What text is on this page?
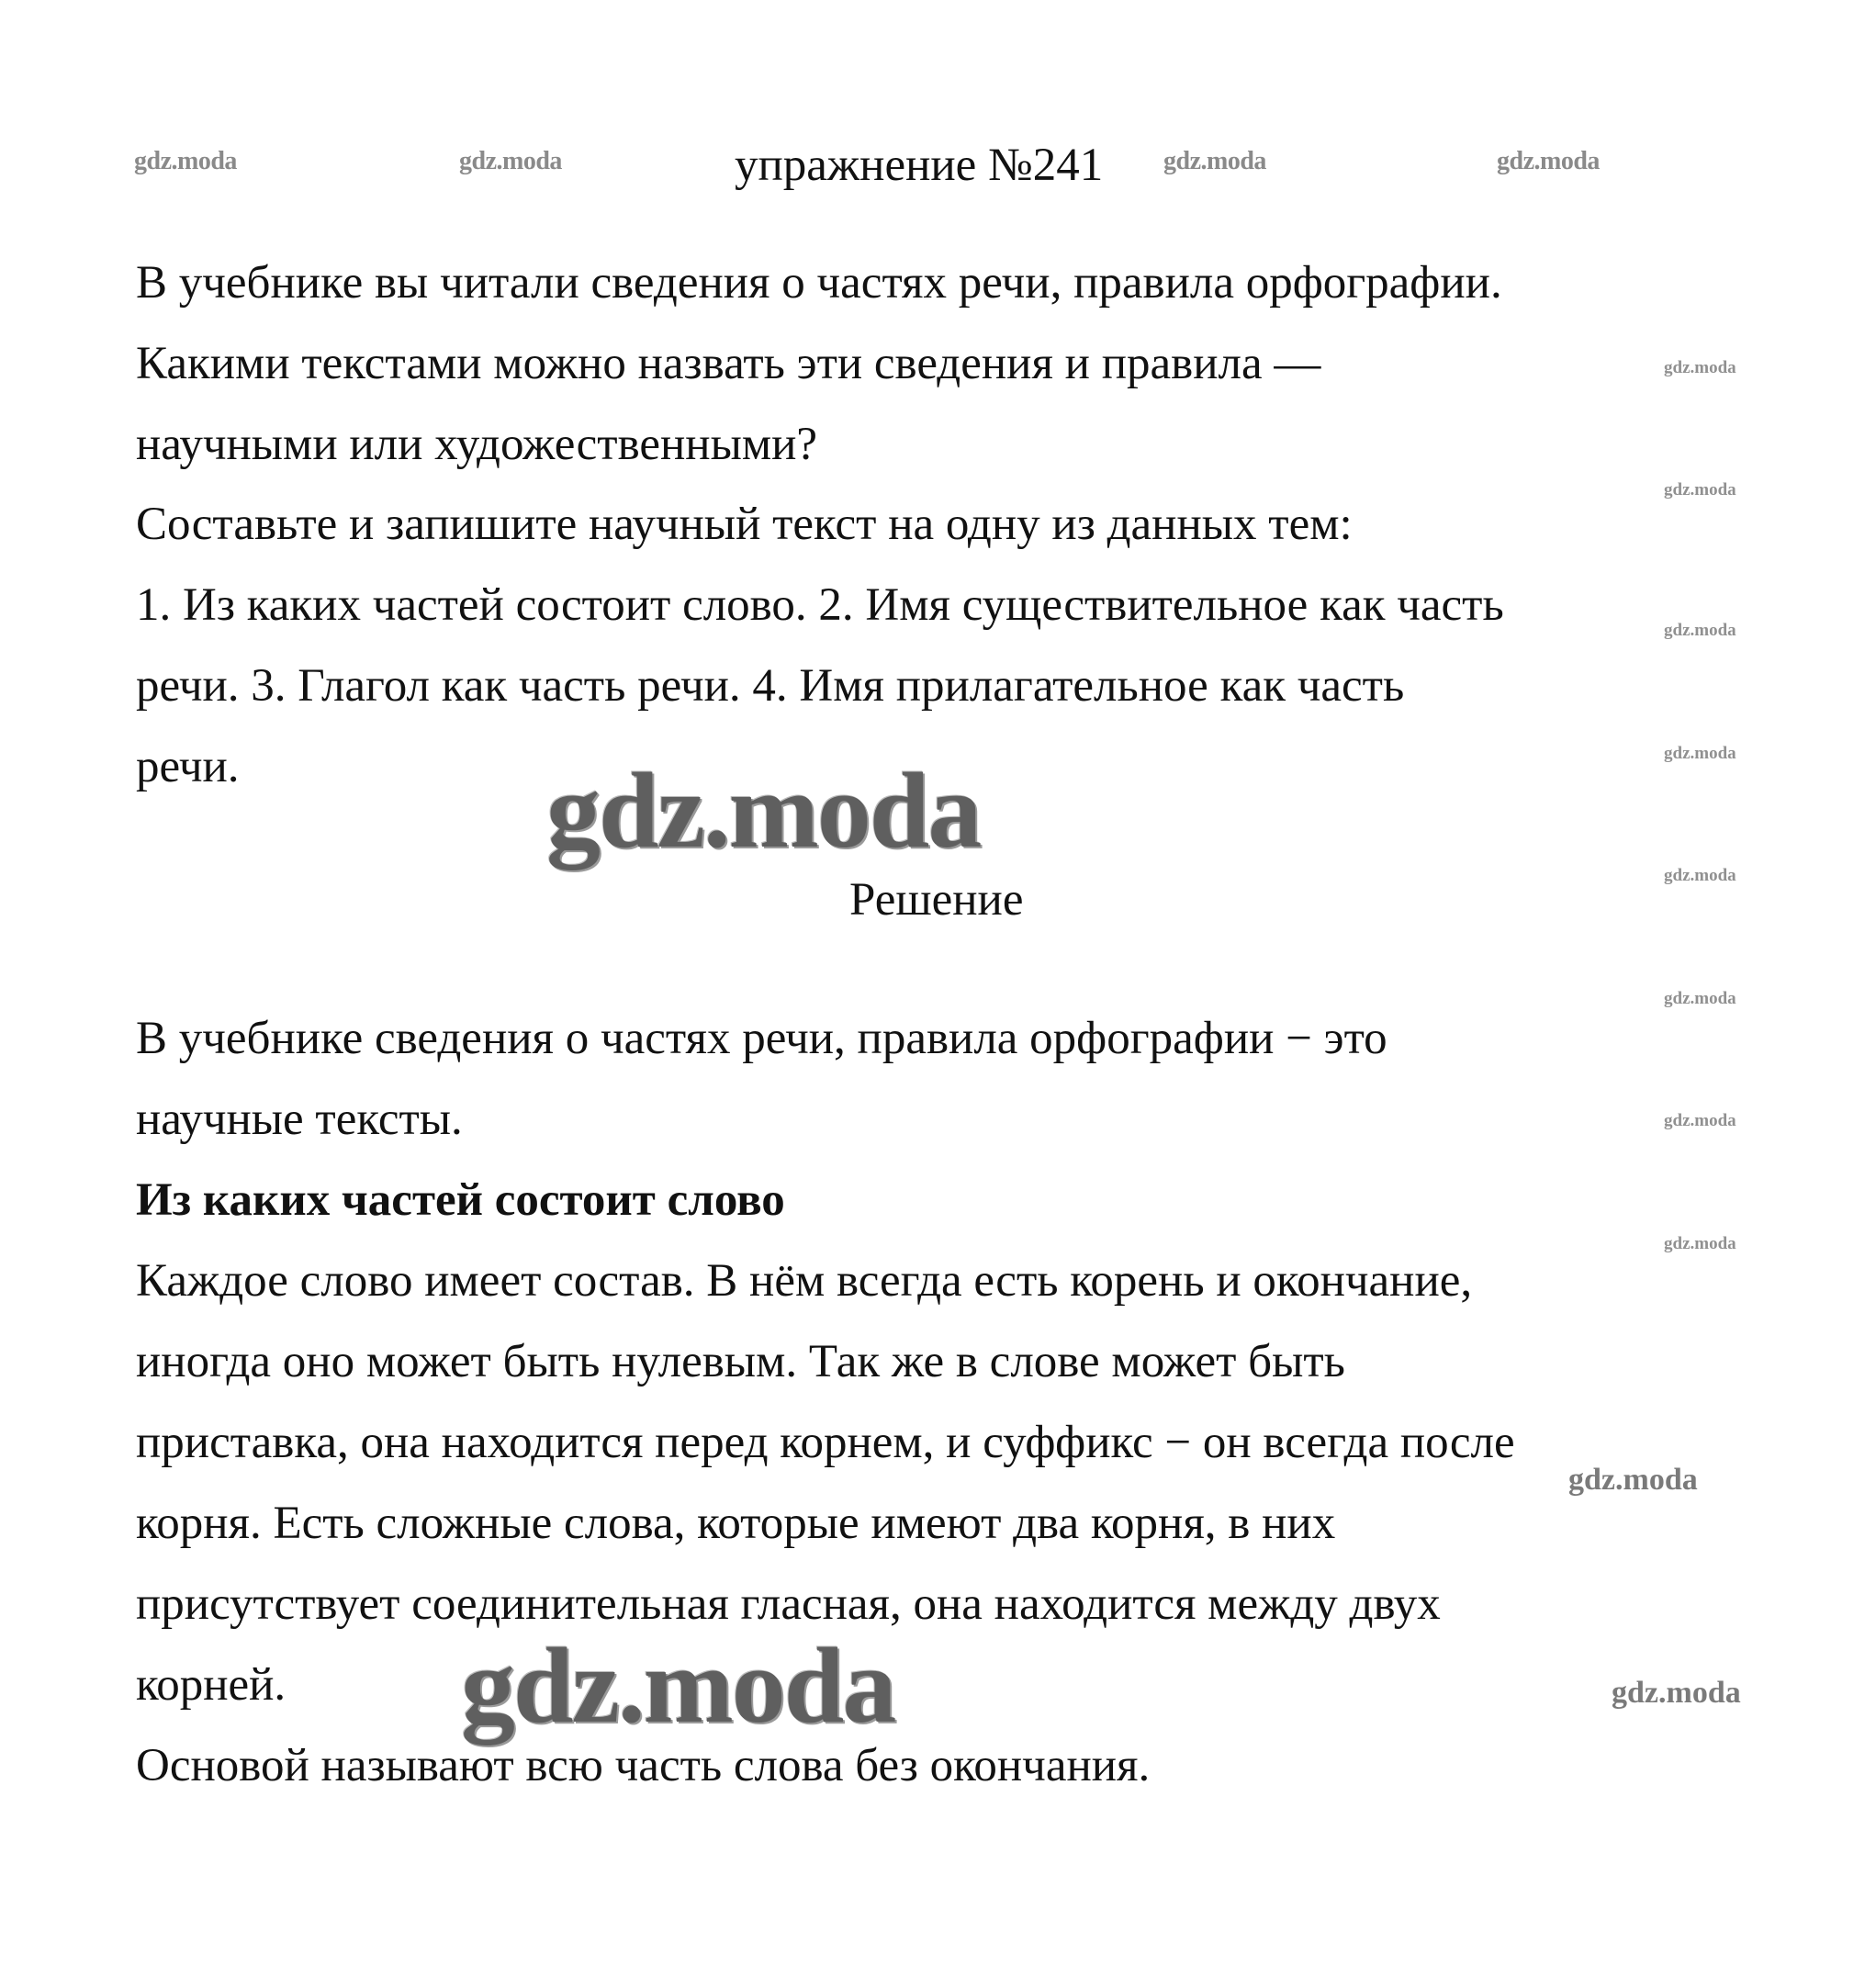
gdz.moda	gdz.moda	gdz.moda	gdz.moda
упражнение №241
В учебнике вы читали сведения о частях речи, правила орфографии.
Какими текстами можно назвать эти сведения и правила —
научными или художественными?
Составьте и запишите научный текст на одну из данных тем:
1. Из каких частей состоит слово. 2. Имя существительное как часть
речи. 3. Глагол как часть речи. 4. Имя прилагательное как часть
речи.	gdz.moda
Решение
В учебнике сведения о частях речи, правила орфографии − это
научные тексты.
Из каких частей состоит слово
Каждое слово имеет состав. В нём всегда есть корень и окончание,
иногда оно может быть нулевым. Так же в слове может быть
приставка, она находится перед корнем, и суффикс − он всегда после
корня. Есть сложные слова, которые имеют два корня, в них
присутствует соединительная гласная, она находится между двух
корней.
Основой называют всю часть слова без окончания.
gdz.moda
gdz.moda
gdz.moda
gdz.moda
gdz.moda
gdz.moda
gdz.moda
gdz.moda
gdz.moda
gdz.moda
gdz.moda
